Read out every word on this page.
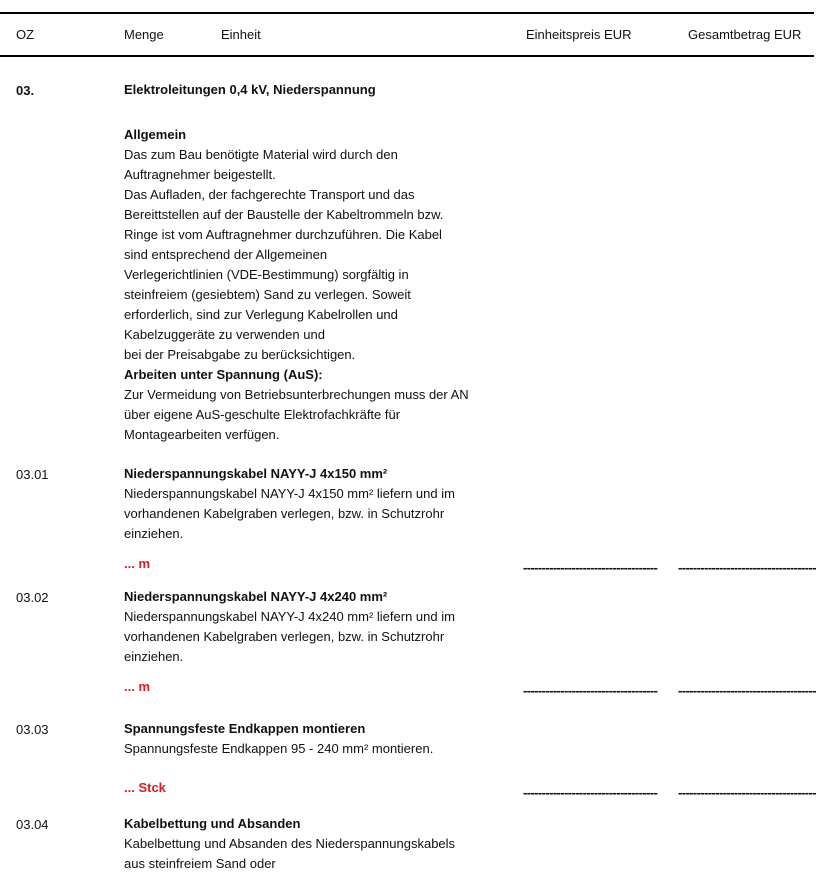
OZ	Menge	Einheit	Einheitspreis EUR	Gesamtbetrag EUR
03.	Elektroleitungen 0,4 kV, Niederspannung
Allgemein
Das zum Bau benötigte Material wird durch den
Auftragnehmer beigestellt.
Das Aufladen, der fachgerechte Transport und das
Bereittstellen auf der Baustelle der Kabeltrommeln bzw.
Ringe ist vom Auftragnehmer durchzuführen. Die Kabel
sind entsprechend der Allgemeinen
Verlegerichtlinien (VDE-Bestimmung) sorgfältig in
steinfreiem (gesiebtem) Sand zu verlegen. Soweit
erforderlich, sind zur Verlegung Kabelrollen und
Kabelzuggeräte zu verwenden und
bei der Preisabgabe zu berücksichtigen.
Arbeiten unter Spannung (AuS):
Zur Vermeidung von Betriebsunterbrechungen muss der AN
über eigene AuS-geschulte Elektrofachkräfte für
Montagearbeiten verfügen.
03.01	Niederspannungskabel NAYY-J 4x150 mm²
Niederspannungskabel NAYY-J 4x150 mm² liefern und im
vorhandenen Kabelgraben verlegen, bzw. in Schutzrohr
einziehen.
... m	------------------------------------ -------------------------------------
03.02	Niederspannungskabel NAYY-J 4x240 mm²
Niederspannungskabel NAYY-J 4x240 mm² liefern und im
vorhandenen Kabelgraben verlegen, bzw. in Schutzrohr
einziehen.
... m	------------------------------------ -------------------------------------
03.03	Spannungsfeste Endkappen montieren
Spannungsfeste Endkappen 95 - 240 mm² montieren.
... Stck	------------------------------------ -------------------------------------
03.04	Kabelbettung und Absanden
Kabelbettung und Absanden des Niederspannungskabels
aus steinfreiem Sand oder
